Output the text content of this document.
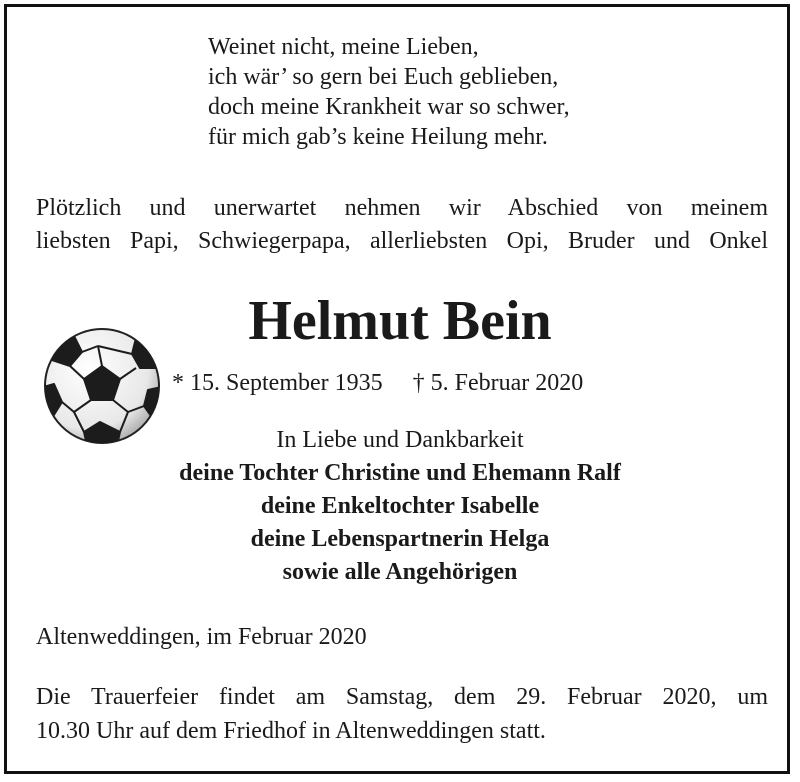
Weinet nicht, meine Lieben,
ich wär’ so gern bei Euch geblieben,
doch meine Krankheit war so schwer,
für mich gab’s keine Heilung mehr.
Plötzlich und unerwartet nehmen wir Abschied von meinem
liebsten Papi, Schwiegerpapa, allerliebsten Opi, Bruder und Onkel
Helmut Bein
* 15. September 1935 † 5. Februar 2020
In Liebe und Dankbarkeit
deine Tochter Christine und Ehemann Ralf
deine Enkeltochter Isabelle
deine Lebenspartnerin Helga
sowie alle Angehörigen
Altenweddingen, im Februar 2020
Die Trauerfeier findet am Samstag, dem 29. Februar 2020, um
10.30 Uhr auf dem Friedhof in Altenweddingen statt.
